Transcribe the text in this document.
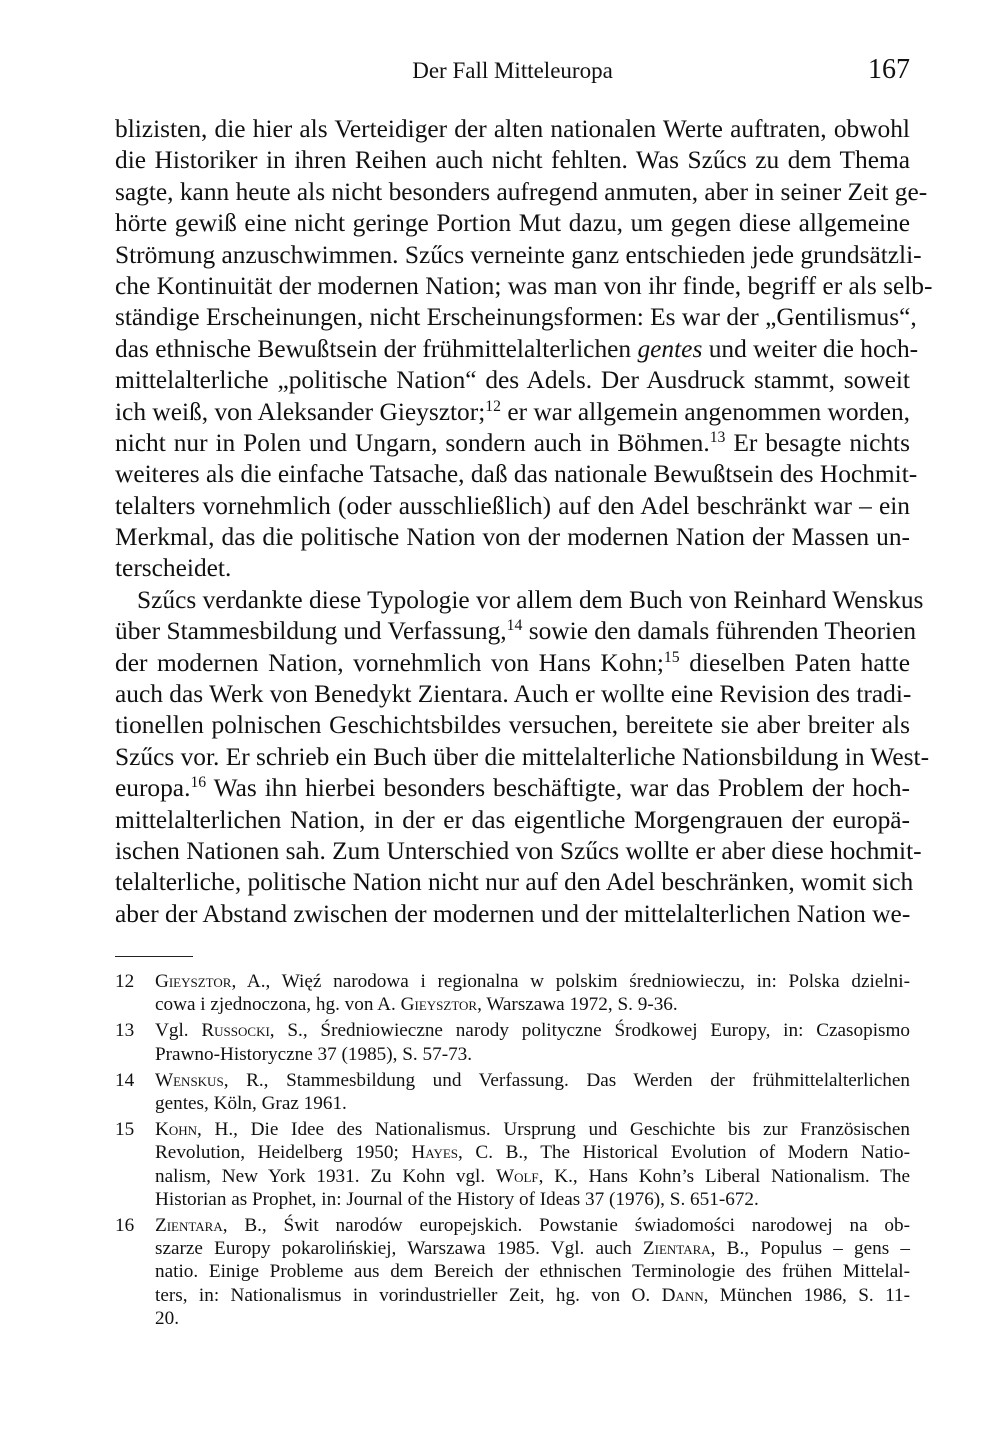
Der Fall Mitteleuropa	167
blizisten, die hier als Verteidiger der alten nationalen Werte auftraten, obwohl
die Historiker in ihren Reihen auch nicht fehlten. Was Szűcs zu dem Thema
sagte, kann heute als nicht besonders aufregend anmuten, aber in seiner Zeit ge-
hörte gewiß eine nicht geringe Portion Mut dazu, um gegen diese allgemeine
Strömung anzuschwimmen. Szűcs verneinte ganz entschieden jede grundsätzli-
che Kontinuität der modernen Nation; was man von ihr finde, begriff er als selb-
ständige Erscheinungen, nicht Erscheinungsformen: Es war der „Gentilismus“,
das ethnische Bewußtsein der frühmittelalterlichen gentes und weiter die hoch-
mittelalterliche „politische Nation“ des Adels. Der Ausdruck stammt, soweit
ich weiß, von Aleksander Gieysztor;$^{12}$ er war allgemein angenommen worden,
nicht nur in Polen und Ungarn, sondern auch in Böhmen.$^{13}$ Er besagte nichts
weiteres als die einfache Tatsache, daß das nationale Bewußtsein des Hochmit-
telalters vornehmlich (oder ausschließlich) auf den Adel beschränkt war – ein
Merkmal, das die politische Nation von der modernen Nation der Massen un-
terscheidet.
Szűcs verdankte diese Typologie vor allem dem Buch von Reinhard Wenskus
über Stammesbildung und Verfassung,$^{14}$ sowie den damals führenden Theorien
der modernen Nation, vornehmlich von Hans Kohn;$^{15}$ dieselben Paten hatte
auch das Werk von Benedykt Zientara. Auch er wollte eine Revision des tradi-
tionellen polnischen Geschichtsbildes versuchen, bereitete sie aber breiter als
Szűcs vor. Er schrieb ein Buch über die mittelalterliche Nationsbildung in West-
europa.$^{16}$ Was ihn hierbei besonders beschäftigte, war das Problem der hoch-
mittelalterlichen Nation, in der er das eigentliche Morgengrauen der europä-
ischen Nationen sah. Zum Unterschied von Szűcs wollte er aber diese hochmit-
telalterliche, politische Nation nicht nur auf den Adel beschränken, womit sich
aber der Abstand zwischen der modernen und der mittelalterlichen Nation we-
12 Gieysztor, A., Więź narodowa i regionalna w polskim średniowieczu, in: Polska dzielni-
cowa i zjednoczona, hg. von A. Gieysztor, Warszawa 1972, S. 9-36.
13 Vgl. Russocki, S., Średniowieczne narody polityczne Środkowej Europy, in: Czasopismo
Prawno-Historyczne 37 (1985), S. 57-73.
14 Wenskus, R., Stammesbildung und Verfassung. Das Werden der frühmittelalterlichen
gentes, Köln, Graz 1961.
15 Kohn, H., Die Idee des Nationalismus. Ursprung und Geschichte bis zur Französischen
Revolution, Heidelberg 1950; Hayes, C. B., The Historical Evolution of Modern Natio-
nalism, New York 1931. Zu Kohn vgl. Wolf, K., Hans Kohn’s Liberal Nationalism. The
Historian as Prophet, in: Journal of the History of Ideas 37 (1976), S. 651-672.
16 Zientara, B., Świt narodów europejskich. Powstanie świadomości narodowej na ob-
szarze Europy pokarolińskiej, Warszawa 1985. Vgl. auch Zientara, B., Populus – gens –
natio. Einige Probleme aus dem Bereich der ethnischen Terminologie des frühen Mittelal-
ters, in: Nationalismus in vorindustrieller Zeit, hg. von O. Dann, München 1986, S. 11-
20.
